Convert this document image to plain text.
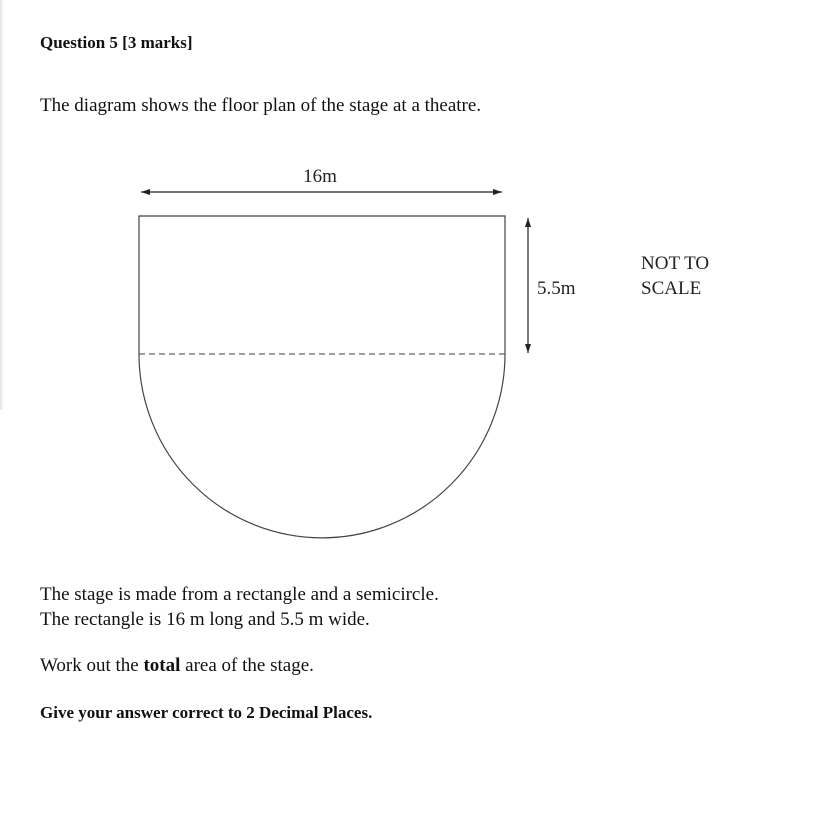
Question 5 [3 marks]
The diagram shows the floor plan of the stage at a theatre.
16m
5.5m
NOT TO
SCALE
The stage is made from a rectangle and a semicircle.
The rectangle is 16 m long and 5.5 m wide.
Work out the total area of the stage.
Give your answer correct to 2 Decimal Places.
